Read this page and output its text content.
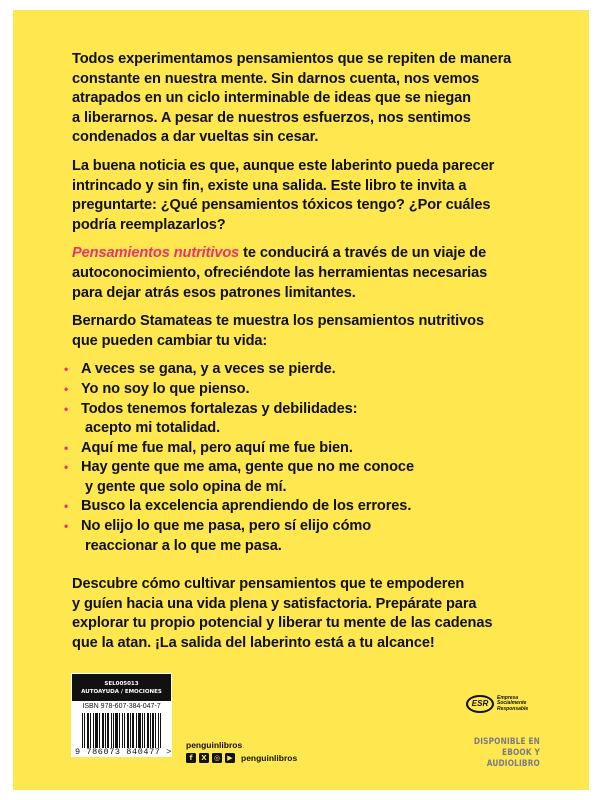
Todos experimentamos pensamientos que se repiten de manera
constante en nuestra mente. Sin darnos cuenta, nos vemos
atrapados en un ciclo interminable de ideas que se niegan
a liberarnos. A pesar de nuestros esfuerzos, nos sentimos
condenados a dar vueltas sin cesar.
La buena noticia es que, aunque este laberinto pueda parecer
intrincado y sin fin, existe una salida. Este libro te invita a
preguntarte: ¿Qué pensamientos tóxicos tengo? ¿Por cuáles
podría reemplazarlos?
Pensamientos nutritivos te conducirá a través de un viaje de
autoconocimiento, ofreciéndote las herramientas necesarias
para dejar atrás esos patrones limitantes.
Bernardo Stamateas te muestra los pensamientos nutritivos
que pueden cambiar tu vida:
• A veces se gana, y a veces se pierde.
• Yo no soy lo que pienso.
• Todos tenemos fortalezas y debilidades:
acepto mi totalidad.
• Aquí me fue mal, pero aquí me fue bien.
• Hay gente que me ama, gente que no me conoce
y gente que solo opina de mí.
• Busco la excelencia aprendiendo de los errores.
• No elijo lo que me pasa, pero sí elijo cómo
reaccionar a lo que me pasa.
Descubre cómo cultivar pensamientos que te empoderen
y guíen hacia una vida plena y satisfactoria. Prepárate para
explorar tu propio potencial y liberar tu mente de las cadenas
que la atan. ¡La salida del laberinto está a tu alcance!
SEL005013
AUTOAYUDA / EMOCIONES
ISBN 978-607-384-047-7
9 786073 840477 >
penguinlibros.
f	X	◎	▶ penguinlibros
ESR
Empresa
Socialmente
Responsable
DISPONIBLE EN
EBOOK Y AUDIOLIBRO
